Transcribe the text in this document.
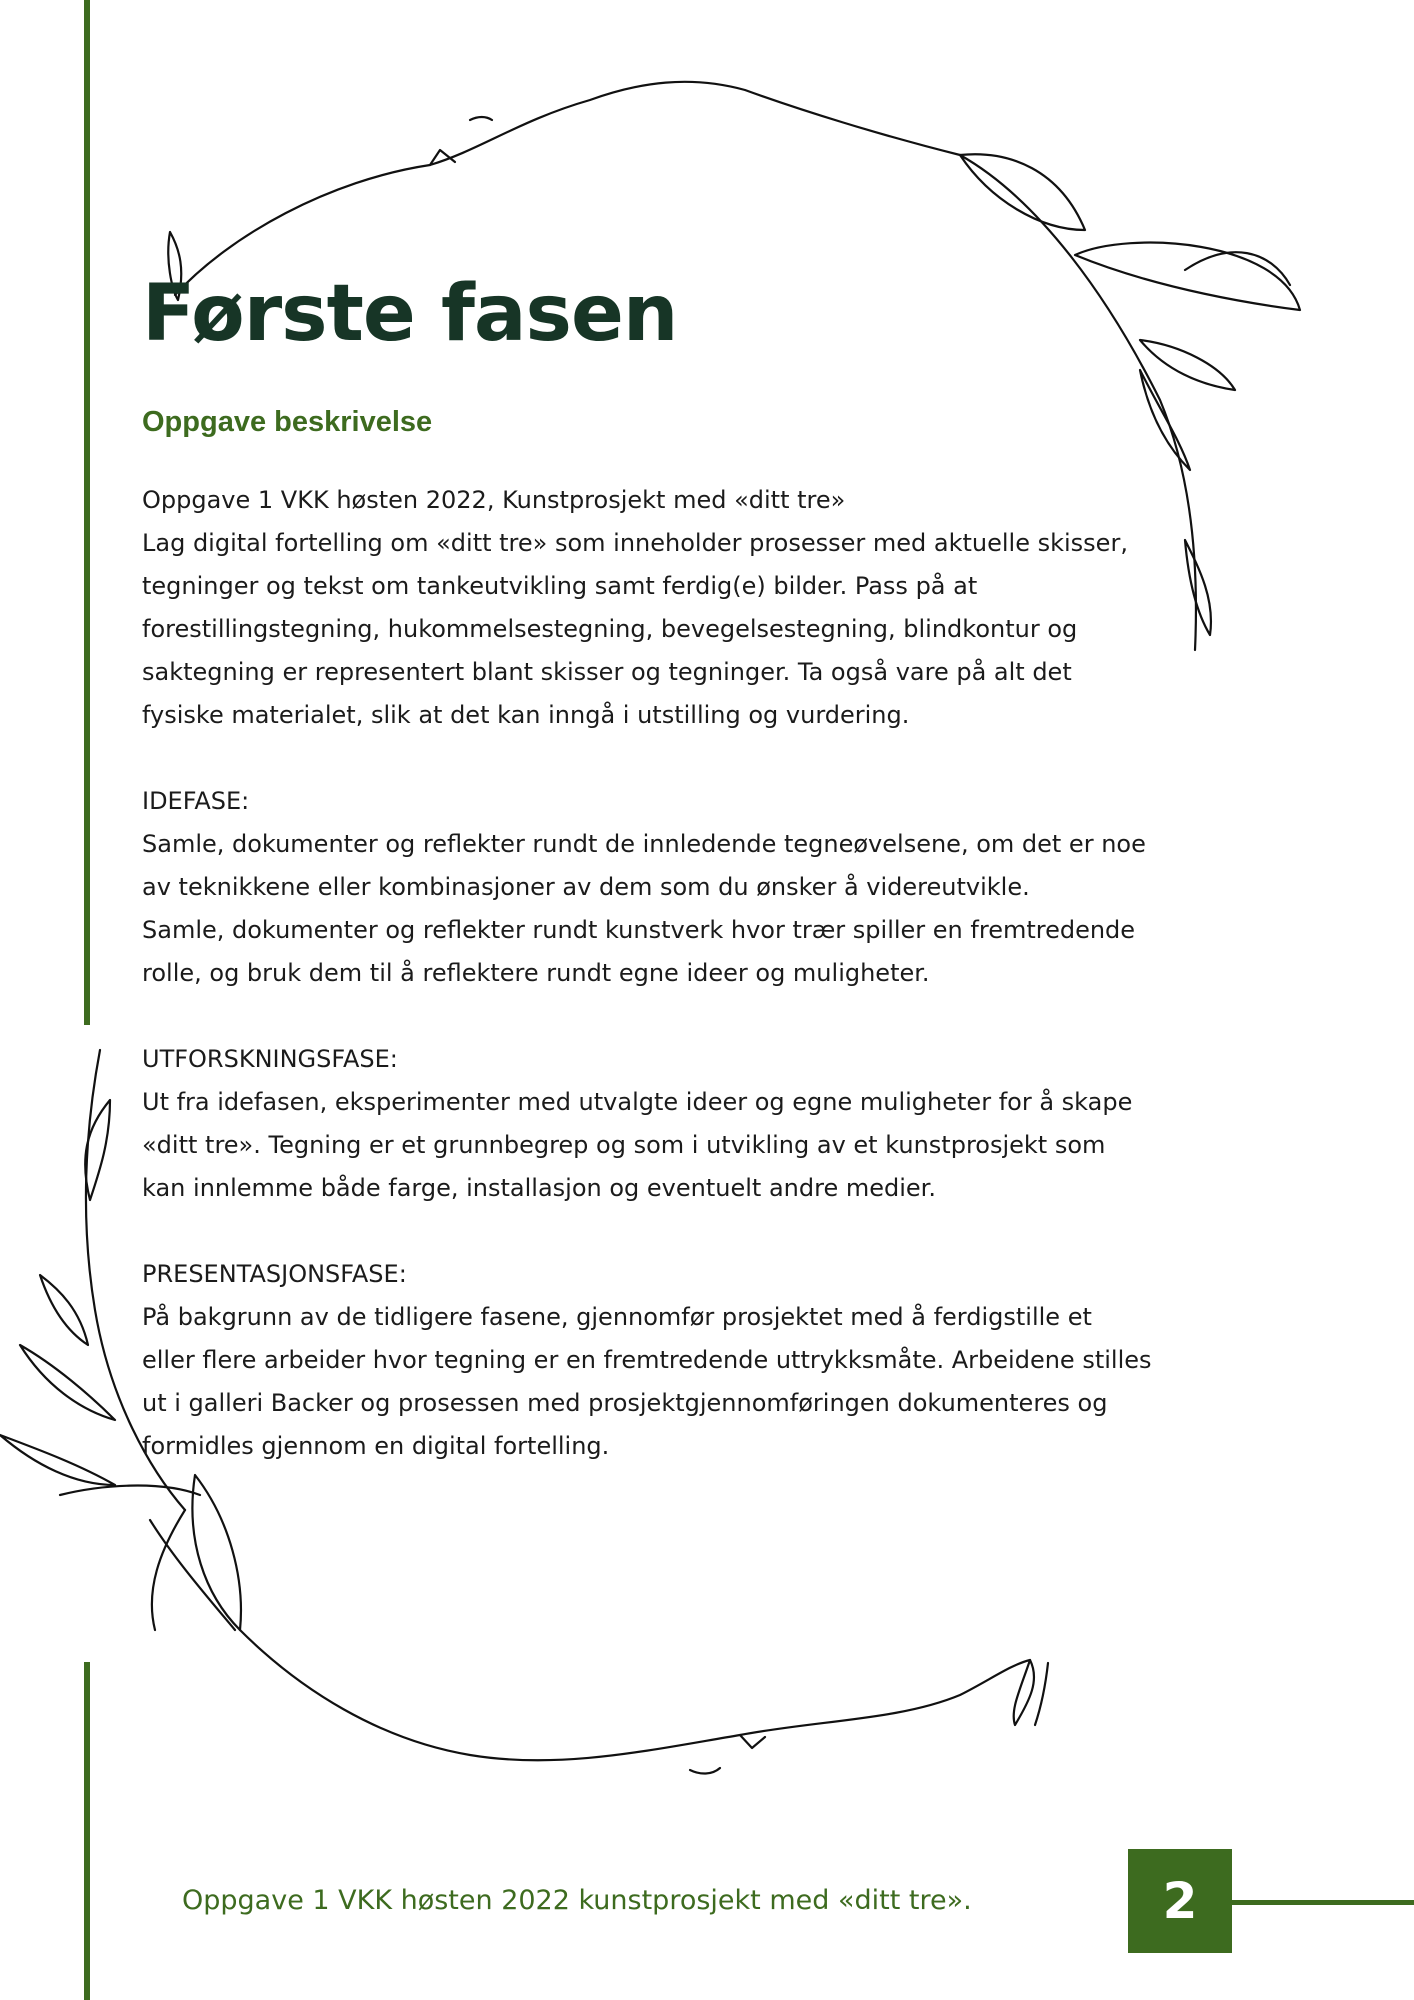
Første fasen
Oppgave beskrivelse
Oppgave 1 VKK høsten 2022, Kunstprosjekt med «ditt tre»
Lag digital fortelling om «ditt tre» som inneholder prosesser med aktuelle skisser,
tegninger og tekst om tankeutvikling samt ferdig(e) bilder. Pass på at
forestillingstegning, hukommelsestegning, bevegelsestegning, blindkontur og
saktegning er representert blant skisser og tegninger. Ta også vare på alt det
fysiske materialet, slik at det kan inngå i utstilling og vurdering.
IDEFASE:
Samle, dokumenter og reflekter rundt de innledende tegneøvelsene, om det er noe
av teknikkene eller kombinasjoner av dem som du ønsker å videreutvikle.
Samle, dokumenter og reflekter rundt kunstverk hvor trær spiller en fremtredende
rolle, og bruk dem til å reflektere rundt egne ideer og muligheter.
UTFORSKNINGSFASE:
Ut fra idefasen, eksperimenter med utvalgte ideer og egne muligheter for å skape
«ditt tre». Tegning er et grunnbegrep og som i utvikling av et kunstprosjekt som
kan innlemme både farge, installasjon og eventuelt andre medier.
PRESENTASJONSFASE:
På bakgrunn av de tidligere fasene, gjennomfør prosjektet med å ferdigstille et
eller flere arbeider hvor tegning er en fremtredende uttrykksmåte. Arbeidene stilles
ut i galleri Backer og prosessen med prosjektgjennomføringen dokumenteres og
formidles gjennom en digital fortelling.
Oppgave 1 VKK høsten 2022 kunstprosjekt med «ditt tre».	2
